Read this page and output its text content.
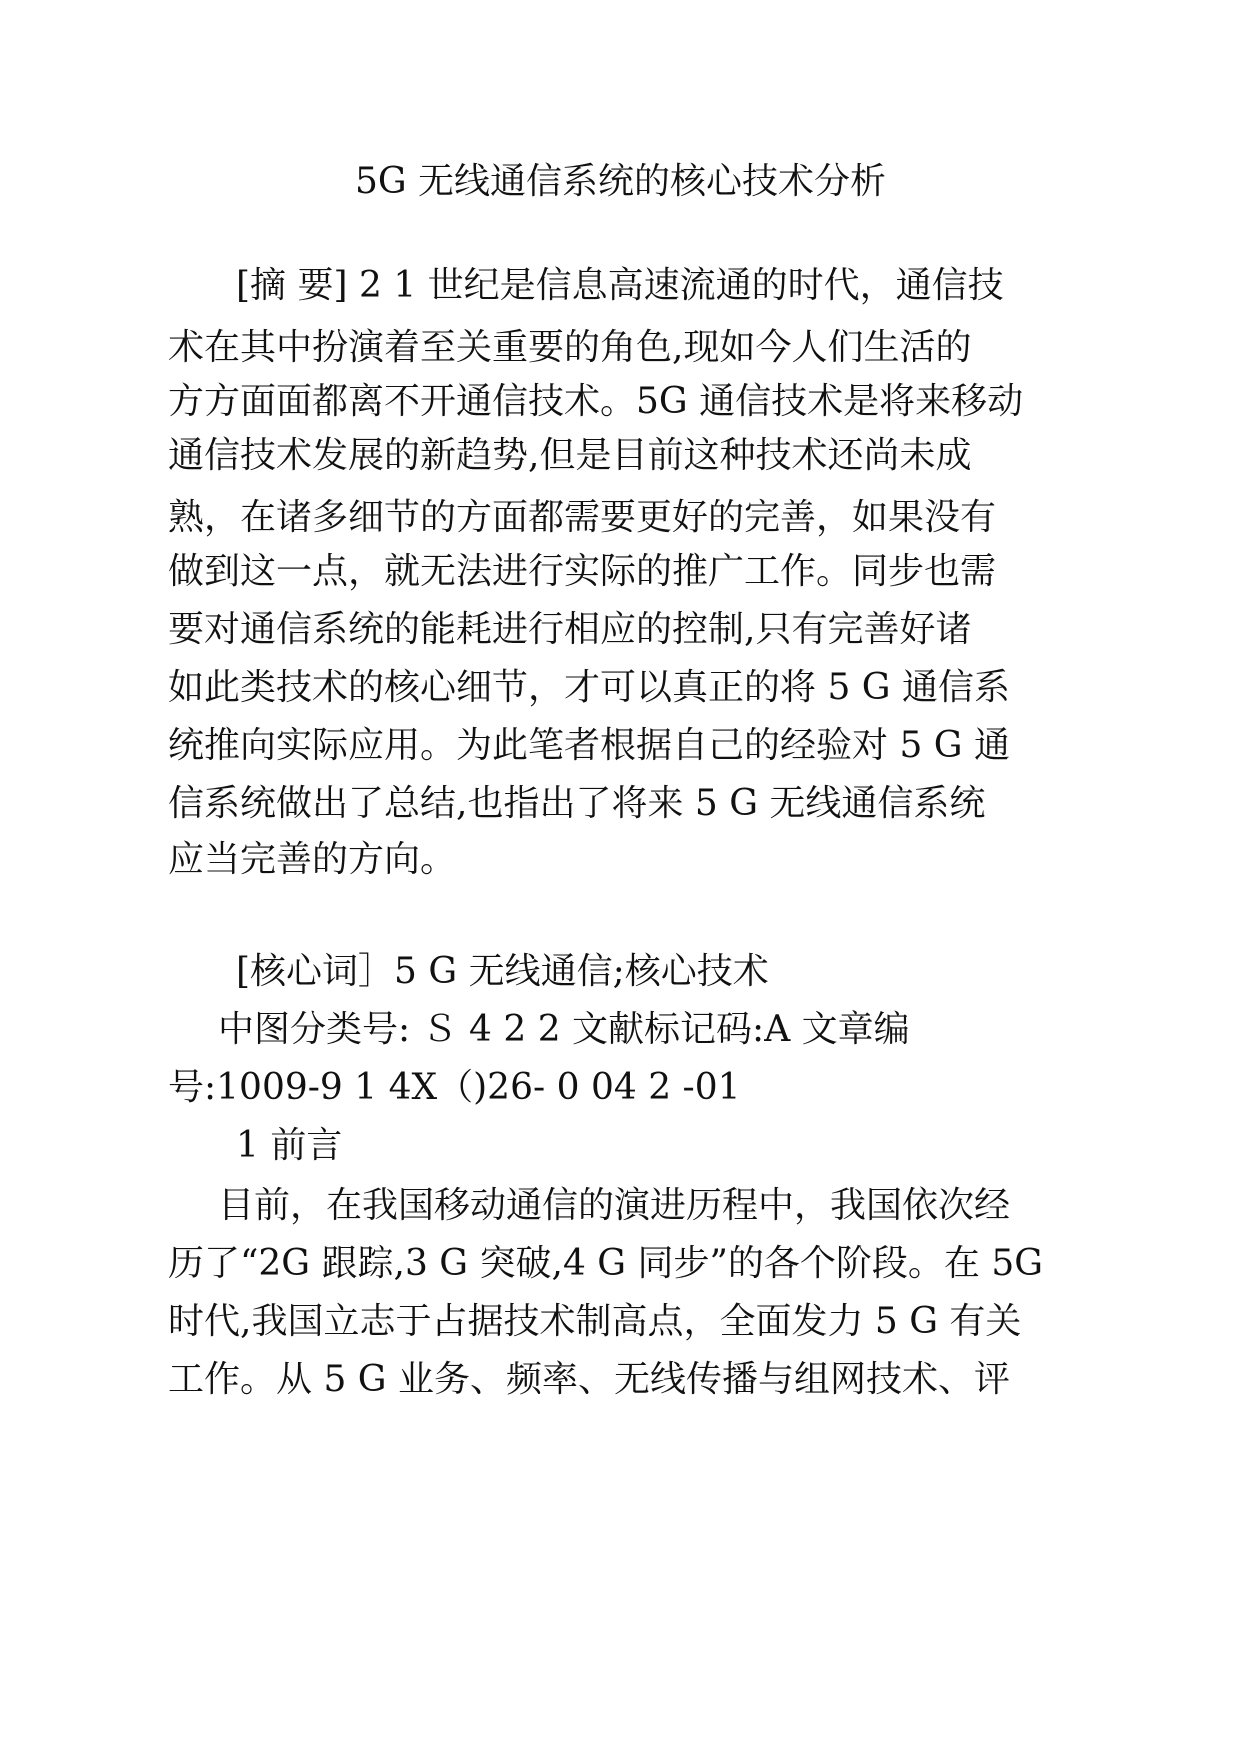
5G 无线通信系统的核心技术分析
[摘 要] 2 1 世纪是信息高速流通的时代，通信技
术在其中扮演着至关重要的角色,现如今人们生活的
方方面面都离不开通信技术。5G 通信技术是将来移动
通信技术发展的新趋势,但是目前这种技术还尚未成
熟，在诸多细节的方面都需要更好的完善，如果没有
做到这一点，就无法进行实际的推广工作。同步也需
要对通信系统的能耗进行相应的控制,只有完善好诸
如此类技术的核心细节，才可以真正的将 5 G 通信系
统推向实际应用。为此笔者根据自己的经验对 5 G 通
信系统做出了总结,也指出了将来 5 G 无线通信系统
应当完善的方向。
[核心词］5 G 无线通信;核心技术
中图分类号: Ｓ 4 2 2 文献标记码:A 文章编
号:1009-9 1 4X（)26- 0 04 2 -01
1 前言
目前，在我国移动通信的演进历程中，我国依次经
历了“2G 跟踪,3 G 突破,4 G 同步”的各个阶段。在 5G
时代,我国立志于占据技术制高点，全面发力 5 G 有关
工作。从 5 G 业务、频率、无线传播与组网技术、评
